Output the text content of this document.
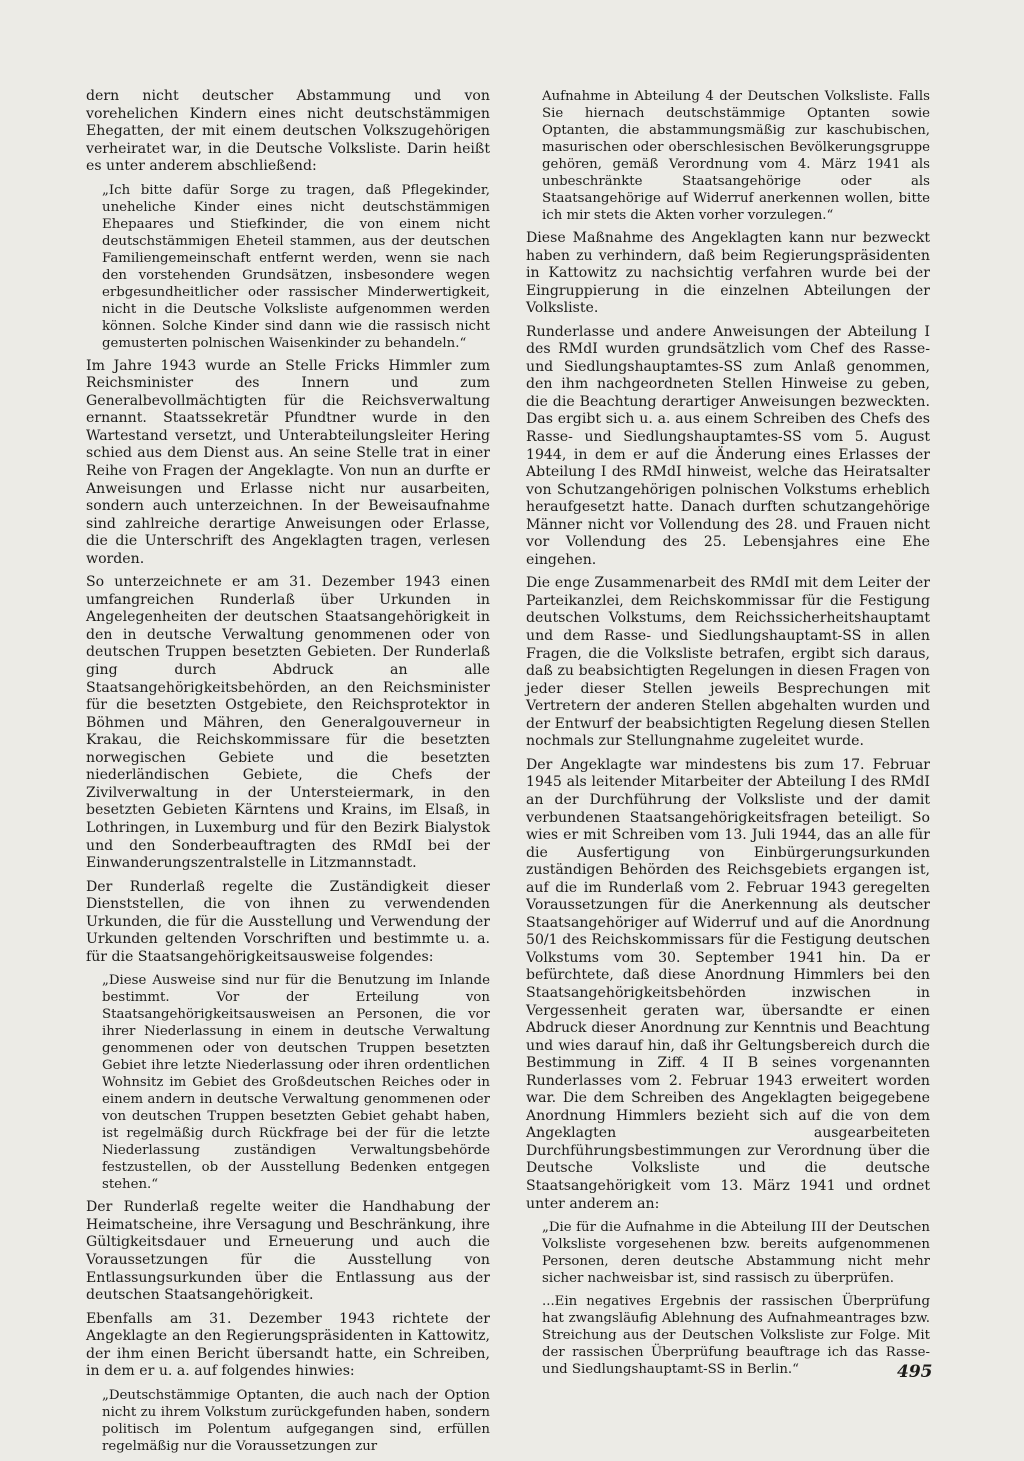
dern nicht deutscher Abstammung und von vorehelichen Kindern eines nicht deutschstämmigen Ehegatten, der mit einem deutschen Volkszugehörigen verheiratet war, in die Deutsche Volksliste. Darin heißt es unter anderem abschließend:

„Ich bitte dafür Sorge zu tragen, daß Pflegekinder, uneheliche Kinder eines nicht deutschstämmigen Ehepaares und Stiefkinder, die von einem nicht deutschstämmigen Eheteil stammen, aus der deutschen Familiengemeinschaft entfernt werden, wenn sie nach den vorstehenden Grundsätzen, insbesondere wegen erbgesundheitlicher oder rassischer Minderwertigkeit, nicht in die Deutsche Volksliste aufgenommen werden können. Solche Kinder sind dann wie die rassisch nicht gemusterten polnischen Waisenkinder zu behandeln.“

Im Jahre 1943 wurde an Stelle Fricks Himmler zum Reichsminister des Innern und zum Generalbevollmächtigten für die Reichsverwaltung ernannt. Staatssekretär Pfundtner wurde in den Wartestand versetzt, und Unterabteilungsleiter Hering schied aus dem Dienst aus. An seine Stelle trat in einer Reihe von Fragen der Angeklagte. Von nun an durfte er Anweisungen und Erlasse nicht nur ausarbeiten, sondern auch unterzeichnen. In der Beweisaufnahme sind zahlreiche derartige Anweisungen oder Erlasse, die die Unterschrift des Angeklagten tragen, verlesen worden.

So unterzeichnete er am 31. Dezember 1943 einen umfangreichen Runderlaß über Urkunden in Angelegenheiten der deutschen Staatsangehörigkeit in den in deutsche Verwaltung genommenen oder von deutschen Truppen besetzten Gebieten. Der Runderlaß ging durch Abdruck an alle Staatsangehörigkeitsbehörden, an den Reichsminister für die besetzten Ostgebiete, den Reichsprotektor in Böhmen und Mähren, den Generalgouverneur in Krakau, die Reichskommissare für die besetzten norwegischen Gebiete und die besetzten niederländischen Gebiete, die Chefs der Zivilverwaltung in der Untersteiermark, in den besetzten Gebieten Kärntens und Krains, im Elsaß, in Lothringen, in Luxemburg und für den Bezirk Bialystok und den Sonderbeauftragten des RMdI bei der Einwanderungszentralstelle in Litzmannstadt.

Der Runderlaß regelte die Zuständigkeit dieser Dienststellen, die von ihnen zu verwendenden Urkunden, die für die Ausstellung und Verwendung der Urkunden geltenden Vorschriften und bestimmte u. a. für die Staatsangehörigkeitsausweise folgendes:

„Diese Ausweise sind nur für die Benutzung im Inlande bestimmt. Vor der Erteilung von Staatsangehörigkeitsausweisen an Personen, die vor ihrer Niederlassung in einem in deutsche Verwaltung genommenen oder von deutschen Truppen besetzten Gebiet ihre letzte Niederlassung oder ihren ordentlichen Wohnsitz im Gebiet des Großdeutschen Reiches oder in einem andern in deutsche Verwaltung genommenen oder von deutschen Truppen besetzten Gebiet gehabt haben, ist regelmäßig durch Rückfrage bei der für die letzte Niederlassung zuständigen Verwaltungsbehörde festzustellen, ob der Ausstellung Bedenken entgegen stehen.“

Der Runderlaß regelte weiter die Handhabung der Heimatscheine, ihre Versagung und Beschränkung, ihre Gültigkeitsdauer und Erneuerung und auch die Voraussetzungen für die Ausstellung von Entlassungsurkunden über die Entlassung aus der deutschen Staatsangehörigkeit.

Ebenfalls am 31. Dezember 1943 richtete der Angeklagte an den Regierungspräsidenten in Kattowitz, der ihm einen Bericht übersandt hatte, ein Schreiben, in dem er u. a. auf folgendes hinwies:

„Deutschstämmige Optanten, die auch nach der Option nicht zu ihrem Volkstum zurückgefunden haben, sondern politisch im Polentum aufgegangen sind, erfüllen regelmäßig nur die Voraussetzungen zur

Aufnahme in Abteilung 4 der Deutschen Volksliste. Falls Sie hiernach deutschstämmige Optanten sowie Optanten, die abstammungsmäßig zur kaschubischen, masurischen oder oberschlesischen Bevölkerungsgruppe gehören, gemäß Verordnung vom 4. März 1941 als unbeschränkte Staatsangehörige oder als Staatsangehörige auf Widerruf anerkennen wollen, bitte ich mir stets die Akten vorher vorzulegen.“

Diese Maßnahme des Angeklagten kann nur bezweckt haben zu verhindern, daß beim Regierungspräsidenten in Kattowitz zu nachsichtig verfahren wurde bei der Eingruppierung in die einzelnen Abteilungen der Volksliste.

Runderlasse und andere Anweisungen der Abteilung I des RMdI wurden grundsätzlich vom Chef des Rasse- und Siedlungshauptamtes-SS zum Anlaß genommen, den ihm nachgeordneten Stellen Hinweise zu geben, die die Beachtung derartiger Anweisungen bezweckten. Das ergibt sich u. a. aus einem Schreiben des Chefs des Rasse- und Siedlungshauptamtes-SS vom 5. August 1944, in dem er auf die Änderung eines Erlasses der Abteilung I des RMdI hinweist, welche das Heiratsalter von Schutzangehörigen polnischen Volkstums erheblich heraufgesetzt hatte. Danach durften schutzangehörige Männer nicht vor Vollendung des 28. und Frauen nicht vor Vollendung des 25. Lebensjahres eine Ehe eingehen.

Die enge Zusammenarbeit des RMdI mit dem Leiter der Parteikanzlei, dem Reichskommissar für die Festigung deutschen Volkstums, dem Reichssicherheitshauptamt und dem Rasse- und Siedlungshauptamt-SS in allen Fragen, die die Volksliste betrafen, ergibt sich daraus, daß zu beabsichtigten Regelungen in diesen Fragen von jeder dieser Stellen jeweils Besprechungen mit Vertretern der anderen Stellen abgehalten wurden und der Entwurf der beabsichtigten Regelung diesen Stellen nochmals zur Stellungnahme zugeleitet wurde.

Der Angeklagte war mindestens bis zum 17. Februar 1945 als leitender Mitarbeiter der Abteilung I des RMdI an der Durchführung der Volksliste und der damit verbundenen Staatsangehörigkeitsfragen beteiligt. So wies er mit Schreiben vom 13. Juli 1944, das an alle für die Ausfertigung von Einbürgerungsurkunden zuständigen Behörden des Reichsgebiets ergangen ist, auf die im Runderlaß vom 2. Februar 1943 geregelten Voraussetzungen für die Anerkennung als deutscher Staatsangehöriger auf Widerruf und auf die Anordnung 50/1 des Reichskommissars für die Festigung deutschen Volkstums vom 30. September 1941 hin. Da er befürchtete, daß diese Anordnung Himmlers bei den Staatsangehörigkeitsbehörden inzwischen in Vergessenheit geraten war, übersandte er einen Abdruck dieser Anordnung zur Kenntnis und Beachtung und wies darauf hin, daß ihr Geltungsbereich durch die Bestimmung in Ziff. 4 II B seines vorgenannten Runderlasses vom 2. Februar 1943 erweitert worden war. Die dem Schreiben des Angeklagten beigegebene Anordnung Himmlers bezieht sich auf die von dem Angeklagten ausgearbeiteten Durchführungsbestimmungen zur Verordnung über die Deutsche Volksliste und die deutsche Staatsangehörigkeit vom 13. März 1941 und ordnet unter anderem an:

„Die für die Aufnahme in die Abteilung III der Deutschen Volksliste vorgesehenen bzw. bereits aufgenommenen Personen, deren deutsche Abstammung nicht mehr sicher nachweisbar ist, sind rassisch zu überprüfen.

...Ein negatives Ergebnis der rassischen Überprüfung hat zwangsläufig Ablehnung des Aufnahmeantrages bzw. Streichung aus der Deutschen Volksliste zur Folge. Mit der rassischen Überprüfung beauftrage ich das Rasse- und Siedlungshauptamt-SS in Berlin.“	495
